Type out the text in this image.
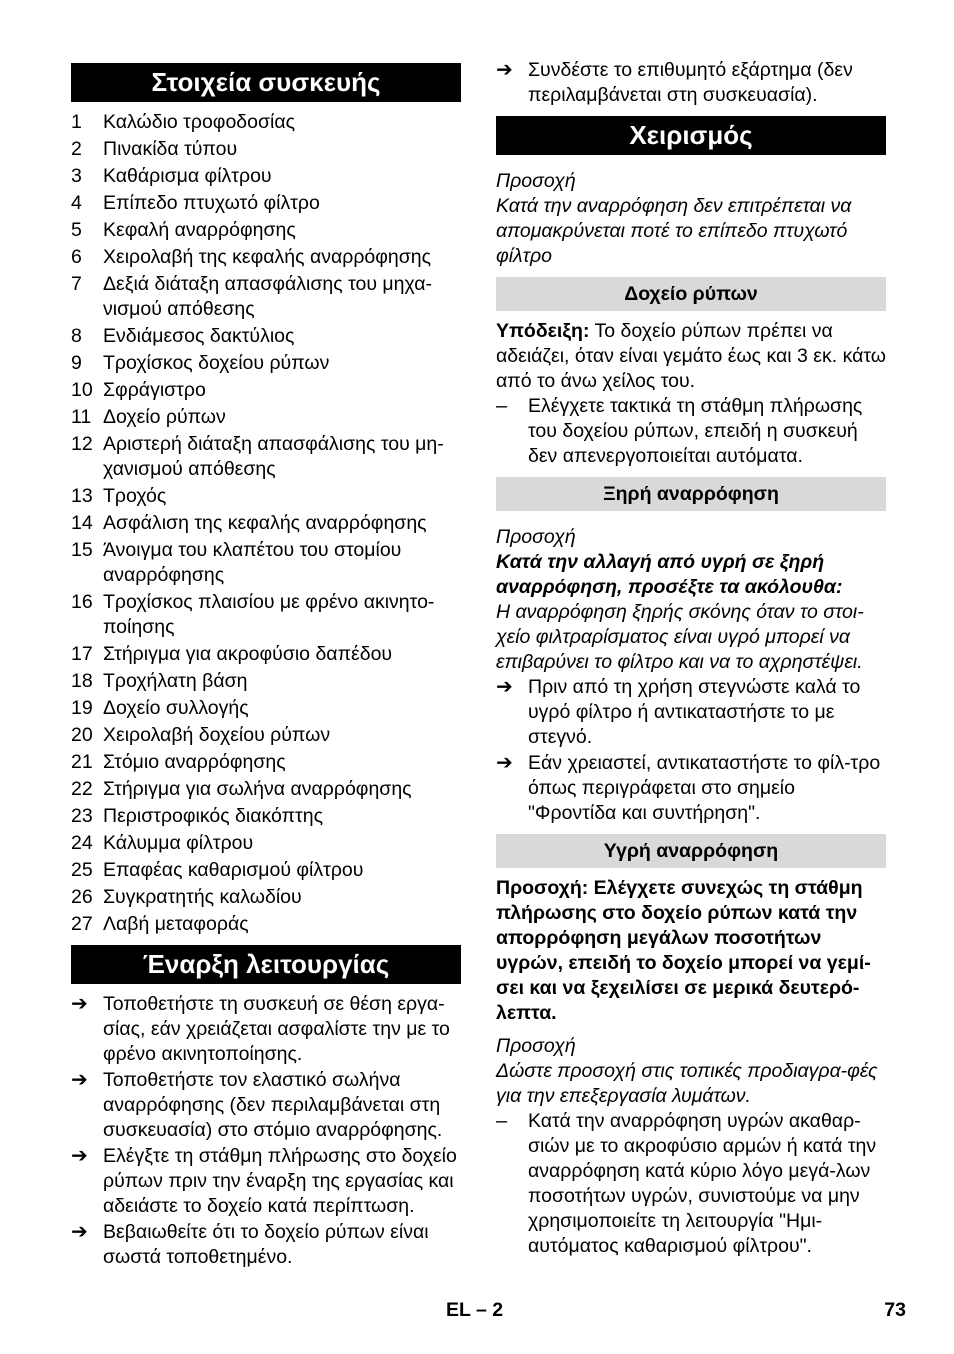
Στοιχεία συσκευής
1	Καλώδιο τροφοδοσίας
2	Πινακίδα τύπου
3	Καθάρισμα φίλτρου
4	Επίπεδο πτυχωτό φίλτρο
5	Κεφαλή αναρρόφησης
6	Χειρολαβή της κεφαλής αναρρόφησης
7	Δεξιά διάταξη απασφάλισης του μηχα-νισμού απόθεσης
8	Ενδιάμεσος δακτύλιος
9	Τροχίσκος δοχείου ρύπων
10 Σφράγιστρο
11 Δοχείο ρύπων
12 Αριστερή διάταξη απασφάλισης του μη-χανισμού απόθεσης
13 Τροχός
14 Ασφάλιση της κεφαλής αναρρόφησης
15 Άνοιγμα του κλαπέτου του στομίου αναρρόφησης
16 Τροχίσκος πλαισίου με φρένο ακινητο-ποίησης
17 Στήριγμα για ακροφύσιο δαπέδου
18 Τροχήλατη βάση
19 Δοχείο συλλογής
20 Χειρολαβή δοχείου ρύπων
21 Στόμιο αναρρόφησης
22 Στήριγμα για σωλήνα αναρρόφησης
23 Περιστροφικός διακόπτης
24 Κάλυμμα φίλτρου
25 Επαφέας καθαρισμού φίλτρου
26 Συγκρατητής καλωδίου
27 Λαβή μεταφοράς
Έναρξη λειτουργίας
➔ Τοποθετήστε τη συσκευή σε θέση εργα-σίας, εάν χρειάζεται ασφαλίστε την με το φρένο ακινητοποίησης.
➔ Τοποθετήστε τον ελαστικό σωλήνα αναρρόφησης (δεν περιλαμβάνεται στη συσκευασία) στο στόμιο αναρρόφησης.
➔ Ελέγξτε τη στάθμη πλήρωσης στο δοχείο ρύπων πριν την έναρξη της εργασίας και αδειάστε το δοχείο κατά περίπτωση.
➔ Βεβαιωθείτε ότι το δοχείο ρύπων είναι σωστά τοποθετημένο.
➔ Συνδέστε το επιθυμητό εξάρτημα (δεν περιλαμβάνεται στη συσκευασία).
Χειρισμός

Προσοχή

Κατά την αναρρόφηση δεν επιτρέπεται να απομακρύνεται ποτέ το επίπεδο πτυχωτό φίλτρο

Δοχείο ρύπων

Υπόδειξη: Το δοχείο ρύπων πρέπει να αδειάζει, όταν είναι γεμάτο έως και 3 εκ. κάτω από το άνω χείλος του.

–	Ελέγχετε τακτικά τη στάθμη πλήρωσης του δοχείου ρύπων, επειδή η συσκευή δεν απενεργοποιείται αυτόματα.
Ξηρή αναρρόφηση

Προσοχή

Κατά την αλλαγή από υγρή σε ξηρή αναρρόφηση, προσέξτε τα ακόλουθα:

Η αναρρόφηση ξηρής σκόνης όταν το στοι-χείο φιλτραρίσματος είναι υγρό μπορεί να επιβαρύνει το φίλτρο και να το αχρηστέψει.

➔ Πριν από τη χρήση στεγνώστε καλά το υγρό φίλτρο ή αντικαταστήστε το με στεγνό.
➔ Εάν χρειαστεί, αντικαταστήστε το φίλ-τρο όπως περιγράφεται στο σημείο "Φροντίδα και συντήρηση".
Υγρή αναρρόφηση

Προσοχή: Ελέγχετε συνεχώς τη στάθμη πλήρωσης στο δοχείο ρύπων κατά την απορρόφηση μεγάλων ποσοτήτων υγρών, επειδή το δοχείο μπορεί να γεμί-σει και να ξεχειλίσει σε μερικά δευτερό-λεπτα.

Προσοχή

Δώστε προσοχή στις τοπικές προδιαγρα-φές για την επεξεργασία λυμάτων.

–	Κατά την αναρρόφηση υγρών ακαθαρ-σιών με το ακροφύσιο αρμών ή κατά την αναρρόφηση κατά κύριο λόγο μεγά-λων ποσοτήτων υγρών, συνιστούμε να μην χρησιμοποιείτε τη λειτουργία "Ημι-αυτόματος καθαρισμού φίλτρου".
EL – 2	73
